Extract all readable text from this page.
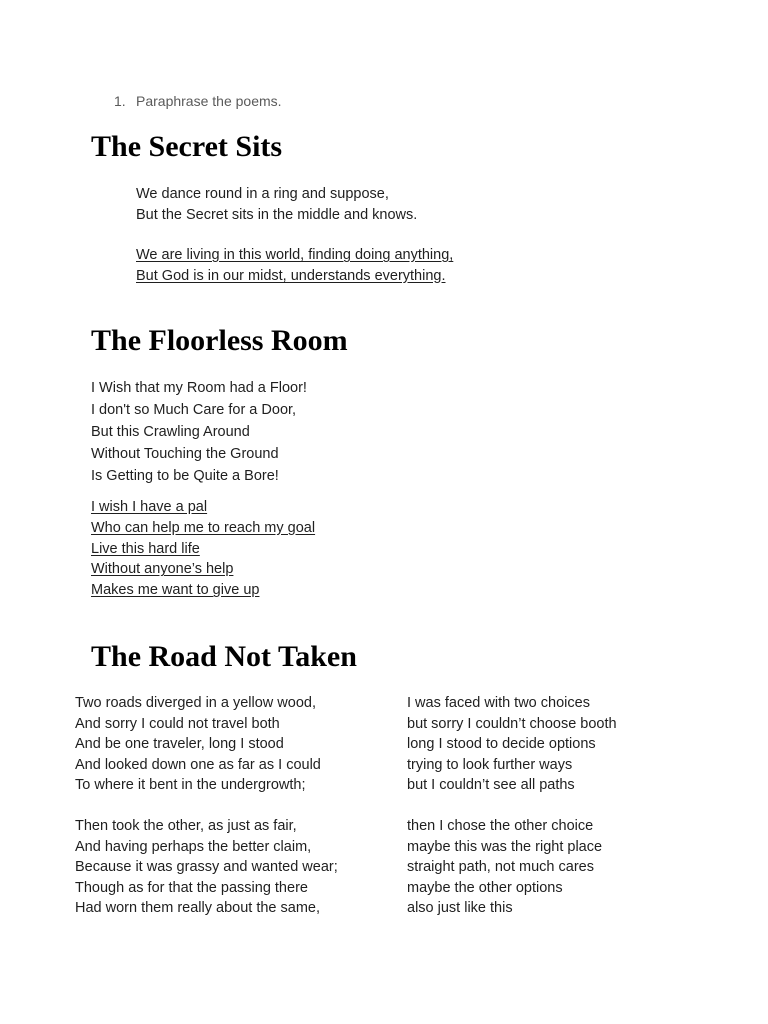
1. Paraphrase the poems.
The Secret Sits
We dance round in a ring and suppose,
But the Secret sits in the middle and knows.
We are living in this world, finding doing anything,
But God is in our midst, understands everything.
The Floorless Room
I Wish that my Room had a Floor!
I don't so Much Care for a Door,
But this Crawling Around
Without Touching the Ground
Is Getting to be Quite a Bore!
I wish I have a pal
Who can help me to reach my goal
Live this hard life
Without anyone’s help
Makes me want to give up
The Road Not Taken
Two roads diverged in a yellow wood,
And sorry I could not travel both
And be one traveler, long I stood
And looked down one as far as I could
To where it bent in the undergrowth;
Then took the other, as just as fair,
And having perhaps the better claim,
Because it was grassy and wanted wear;
Though as for that the passing there
Had worn them really about the same,
I was faced with two choices
but sorry I couldn’t choose booth
long I stood to decide options
trying to look further ways
but I couldn’t see all paths
then I chose the other choice
maybe this was the right place
straight path, not much cares
maybe the other options
also just like this
